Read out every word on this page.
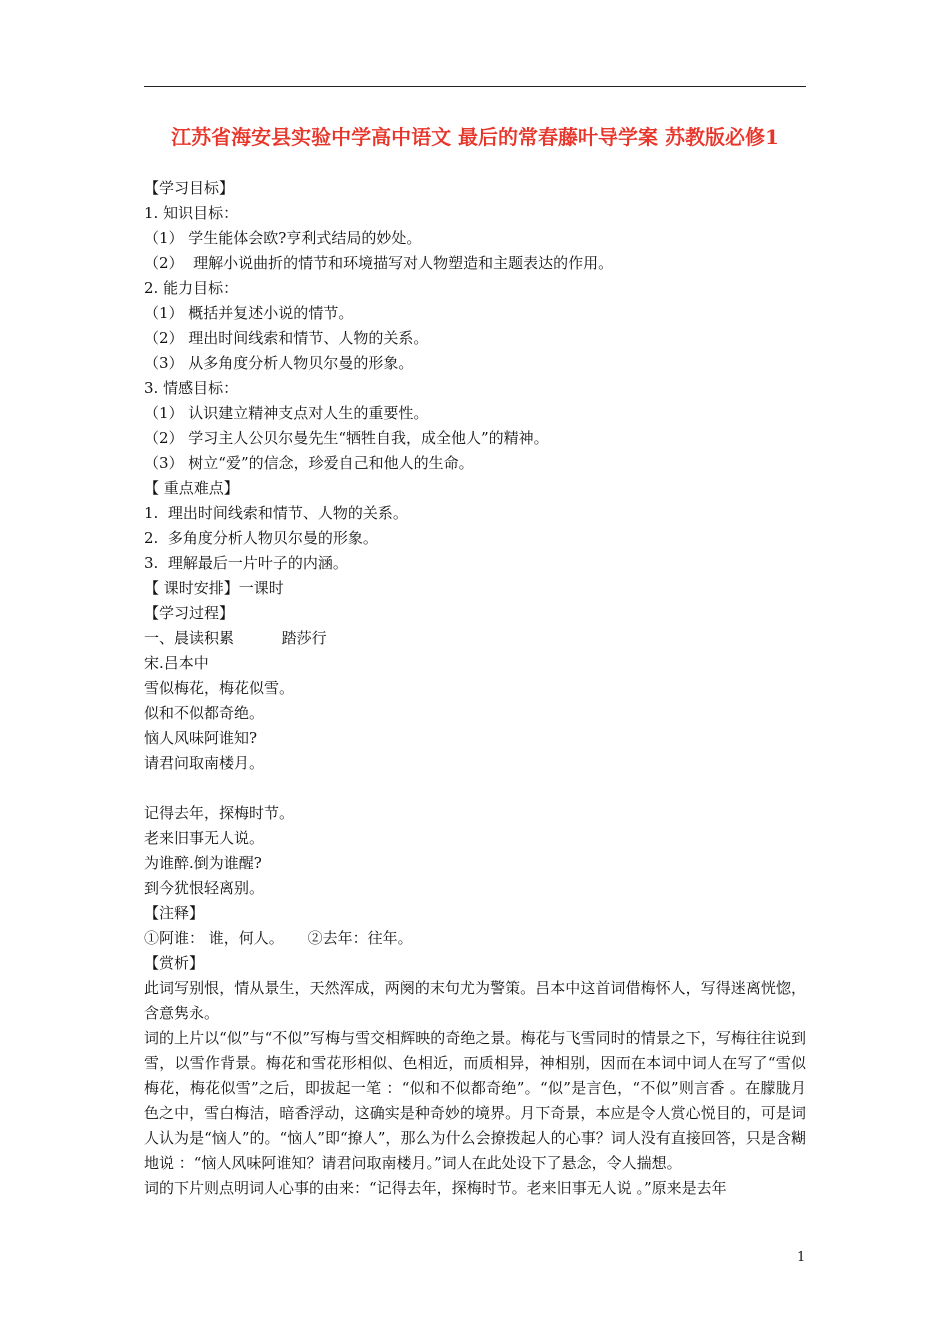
江苏省海安县实验中学高中语文 最后的常春藤叶导学案 苏教版必修1
【学习目标】
1. 知识目标：
（1） 学生能体会欧?亨利式结局的妙处。
（2）  理解小说曲折的情节和环境描写对人物塑造和主题表达的作用。
2. 能力目标：
（1） 概括并复述小说的情节。
（2） 理出时间线索和情节、人物的关系。
（3） 从多角度分析人物贝尔曼的形象。
3. 情感目标：
（1） 认识建立精神支点对人生的重要性。
（2） 学习主人公贝尔曼先生“牺牲自我，成全他人”的精神。
（3） 树立“爱”的信念，珍爱自己和他人的生命。
【 重点难点】
1.  理出时间线索和情节、人物的关系。
2.  多角度分析人物贝尔曼的形象。
3.  理解最后一片叶子的内涵。
【 课时安排】一课时
【学习过程】
一、晨读积累          踏莎行
宋.吕本中
雪似梅花，梅花似雪。
似和不似都奇绝。
恼人风味阿谁知?
请君问取南楼月。
记得去年，探梅时节。
老来旧事无人说。
为谁醉.倒为谁醒?
到今犹恨轻离别。
【注释】
①阿谁： 谁，何人。     ②去年：往年。
【赏析】
此词写别恨，情从景生，天然浑成，两阕的末句尤为警策。吕本中这首词借梅怀人，写得迷离恍惚，含意隽永。
词的上片以“似”与“不似”写梅与雪交相辉映的奇绝之景。梅花与飞雪同时的情景之下，写梅往往说到雪，以雪作背景。梅花和雪花形相似、色相近，而质相异，神相别，因而在本词中词人在写了“雪似梅花，梅花似雪”之后，即拔起一笔 ：“似和不似都奇绝”。“似”是言色，“不似”则言香 。在朦胧月色之中，雪白梅洁，暗香浮动，这确实是种奇妙的境界。月下奇景，本应是令人赏心悦目的，可是词人认为是“恼人”的。“恼人”即“撩人”，那么为什么会撩拨起人的心事？词人没有直接回答，只是含糊地说 ：“恼人风味阿谁知？请君问取南楼月。”词人在此处设下了悬念，令人揣想。
词的下片则点明词人心事的由来：“记得去年，探梅时节。老来旧事无人说 。”原来是去年
1
